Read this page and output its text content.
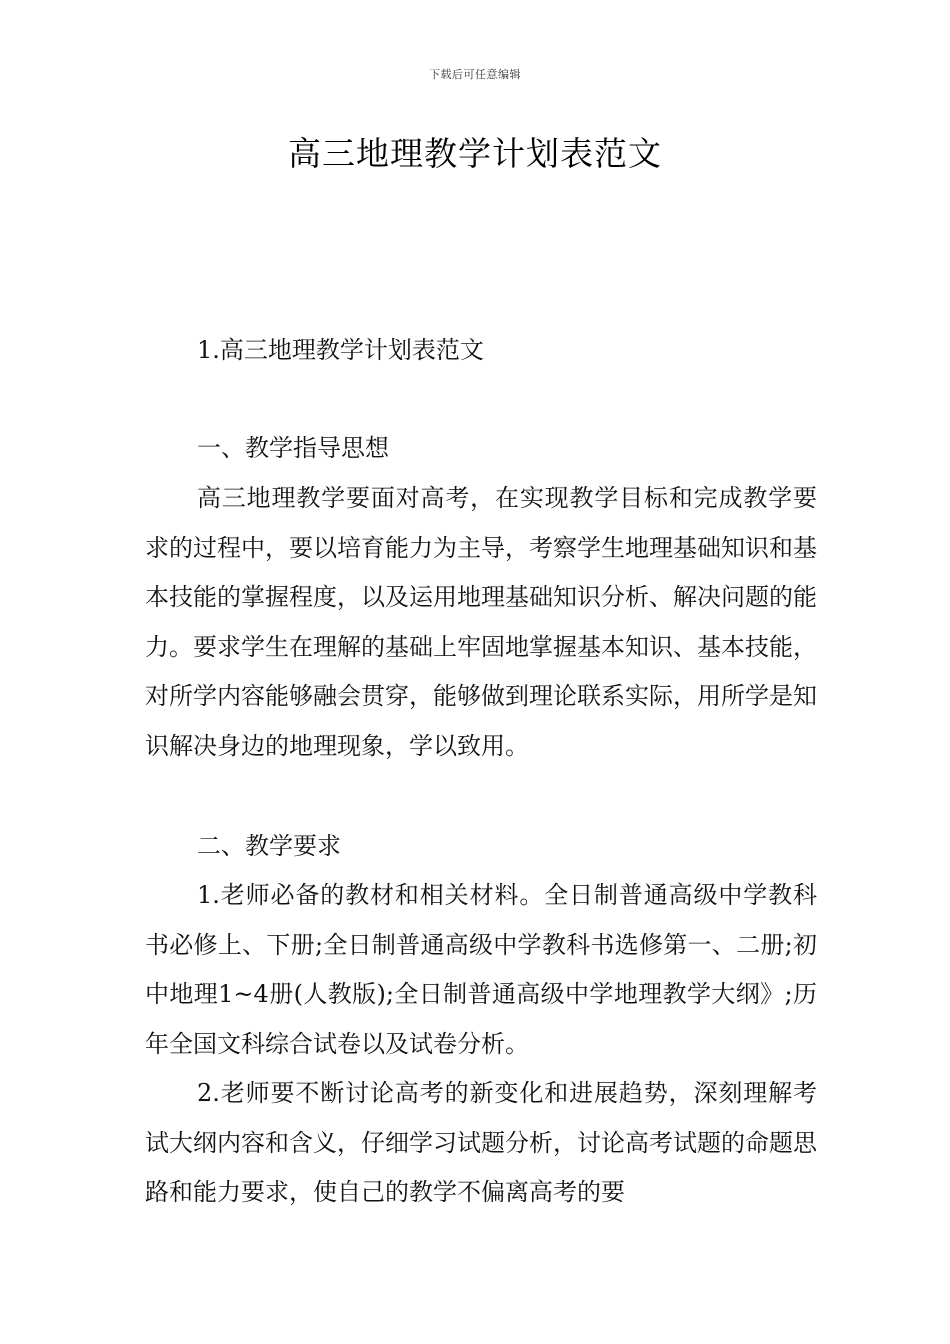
下载后可任意编辑
高三地理教学计划表范文

1.高三地理教学计划表范文

一、教学指导思想

高三地理教学要面对高考，在实现教学目标和完成教学要求的过程中，要以培育能力为主导，考察学生地理基础知识和基本技能的掌握程度，以及运用地理基础知识分析、解决问题的能力。要求学生在理解的基础上牢固地掌握基本知识、基本技能，对所学内容能够融会贯穿，能够做到理论联系实际，用所学是知识解决身边的地理现象，学以致用。

二、教学要求

1.老师必备的教材和相关材料。全日制普通高级中学教科书必修上、下册;全日制普通高级中学教科书选修第一、二册;初中地理1~4册(人教版);全日制普通高级中学地理教学大纲》;历年全国文科综合试卷以及试卷分析。

2.老师要不断讨论高考的新变化和进展趋势，深刻理解考试大纲内容和含义，仔细学习试题分析，讨论高考试题的命题思路和能力要求，使自己的教学不偏离高考的要
